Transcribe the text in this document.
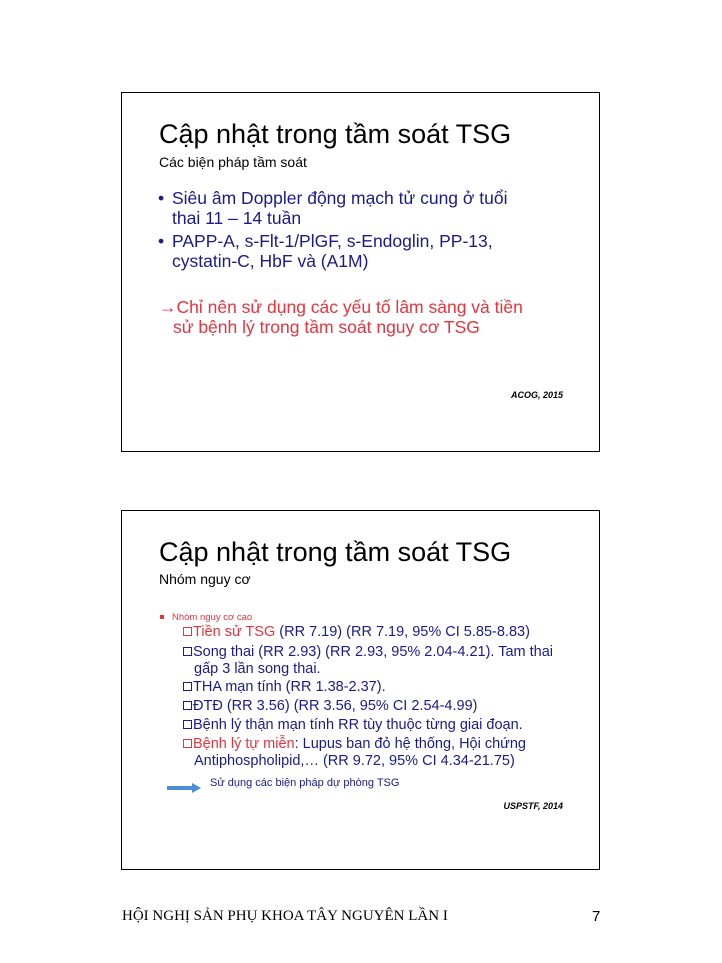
Cập nhật trong tầm soát TSG
Các biện pháp tầm soát
• Siêu âm Doppler động mạch tử cung ở tuổi
thai 11 – 14 tuần
• PAPP-A, s-Flt-1/PlGF, s-Endoglin, PP-13,
cystatin-C, HbF và (A1M)
→Chỉ nên sử dụng các yếu tố lâm sàng và tiền
sử bệnh lý trong tầm soát nguy cơ TSG
ACOG, 2015
Cập nhật trong tầm soát TSG
Nhóm nguy cơ
Nhóm nguy cơ cao
Tiền sử TSG (RR 7.19) (RR 7.19, 95% CI 5.85-8.83)
Song thai (RR 2.93) (RR 2.93, 95% 2.04-4.21). Tam thai
gấp 3 lần song thai.
THA mạn tính (RR 1.38-2.37).
ĐTĐ (RR 3.56) (RR 3.56, 95% CI 2.54-4.99)
Bệnh lý thận mạn tính RR tùy thuộc từng giai đoạn.
Bệnh lý tự miễn: Lupus ban đỏ hệ thống, Hội chứng
Antiphospholipid,… (RR 9.72, 95% CI 4.34-21.75)
Sử dụng các biện pháp dự phòng TSG
USPSTF, 2014
HỘI NGHỊ SẢN PHỤ KHOA TÂY NGUYÊN LẦN I	7
